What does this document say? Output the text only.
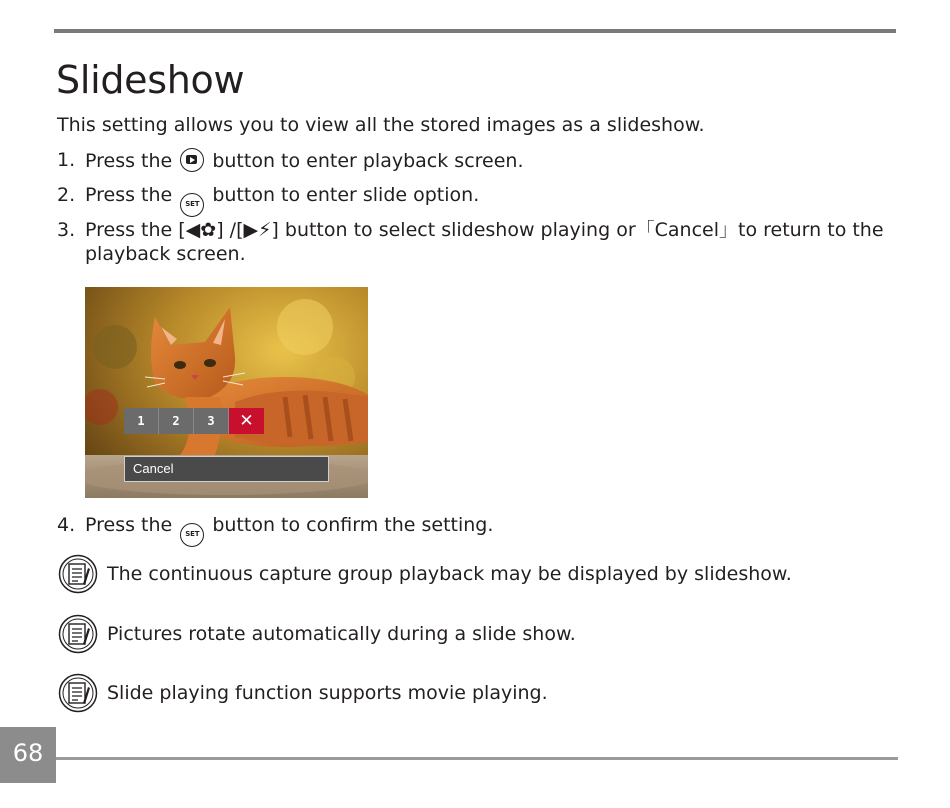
Slideshow

This setting allows you to view all the stored images as a slideshow.

1. Press the button to enter playback screen.
2. Press the SET button to enter slide option.
3. Press the [◀✿] /[▶⚡] button to select slideshow playing or「Cancel」to return to the playback screen.
1 2 3 ✕
Cancel
4. Press the SET button to confirm the setting.
The continuous capture group playback may be displayed by slideshow.
Pictures rotate automatically during a slide show.
Slide playing function supports movie playing.
68
